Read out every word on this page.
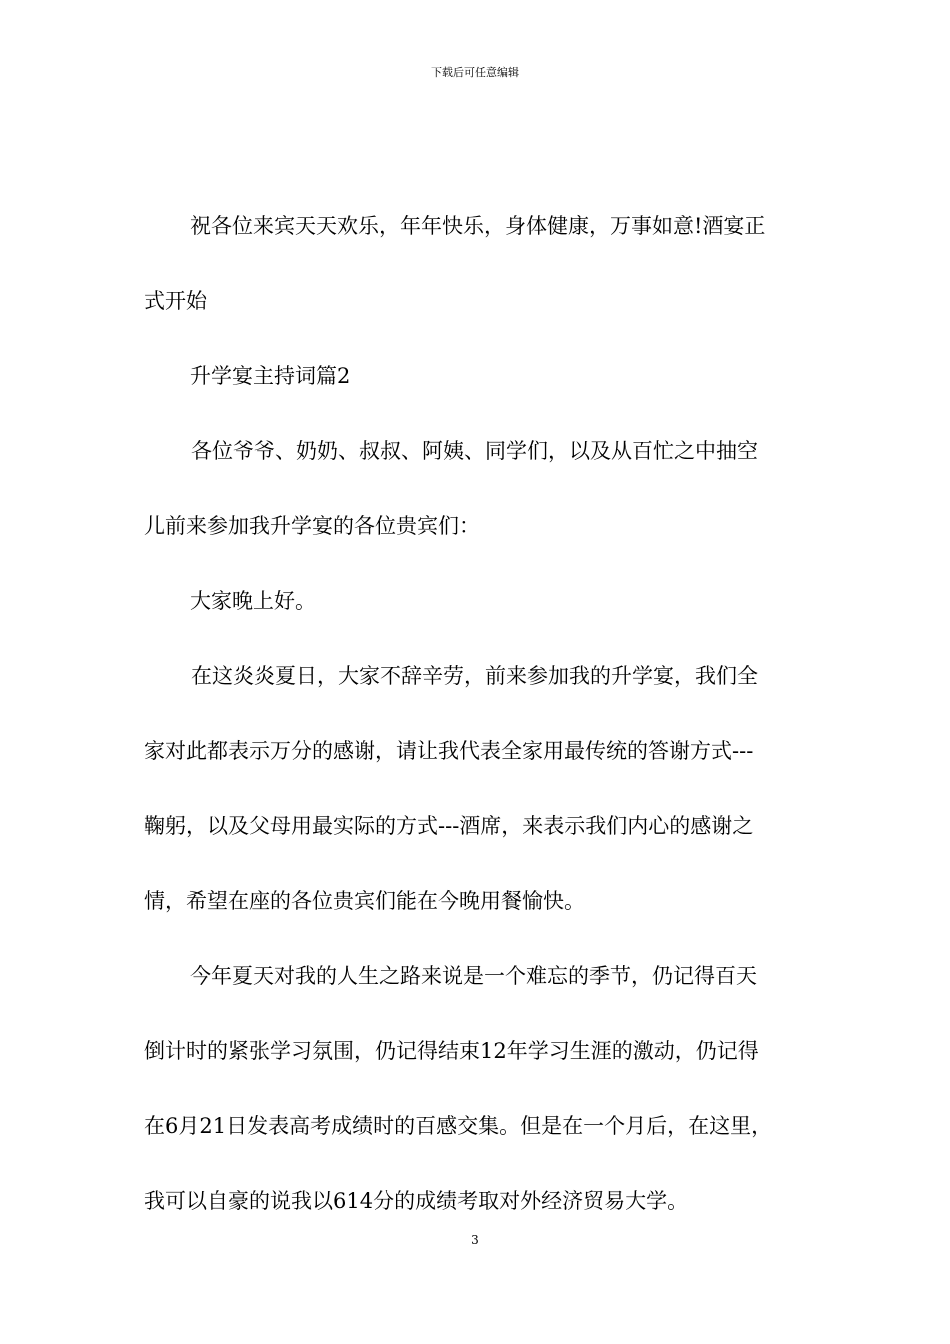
下载后可任意编辑
祝各位来宾天天欢乐，年年快乐，身体健康，万事如意!酒宴正
式开始
升学宴主持词篇2
各位爷爷、奶奶、叔叔、阿姨、同学们，以及从百忙之中抽空
儿前来参加我升学宴的各位贵宾们：
大家晚上好。
在这炎炎夏日，大家不辞辛劳，前来参加我的升学宴，我们全
家对此都表示万分的感谢，请让我代表全家用最传统的答谢方式---
鞠躬，以及父母用最实际的方式---酒席，来表示我们内心的感谢之
情，希望在座的各位贵宾们能在今晚用餐愉快。
今年夏天对我的人生之路来说是一个难忘的季节，仍记得百天
倒计时的紧张学习氛围，仍记得结束12年学习生涯的激动，仍记得
在6月21日发表高考成绩时的百感交集。但是在一个月后，在这里，
我可以自豪的说我以614分的成绩考取对外经济贸易大学。
3
